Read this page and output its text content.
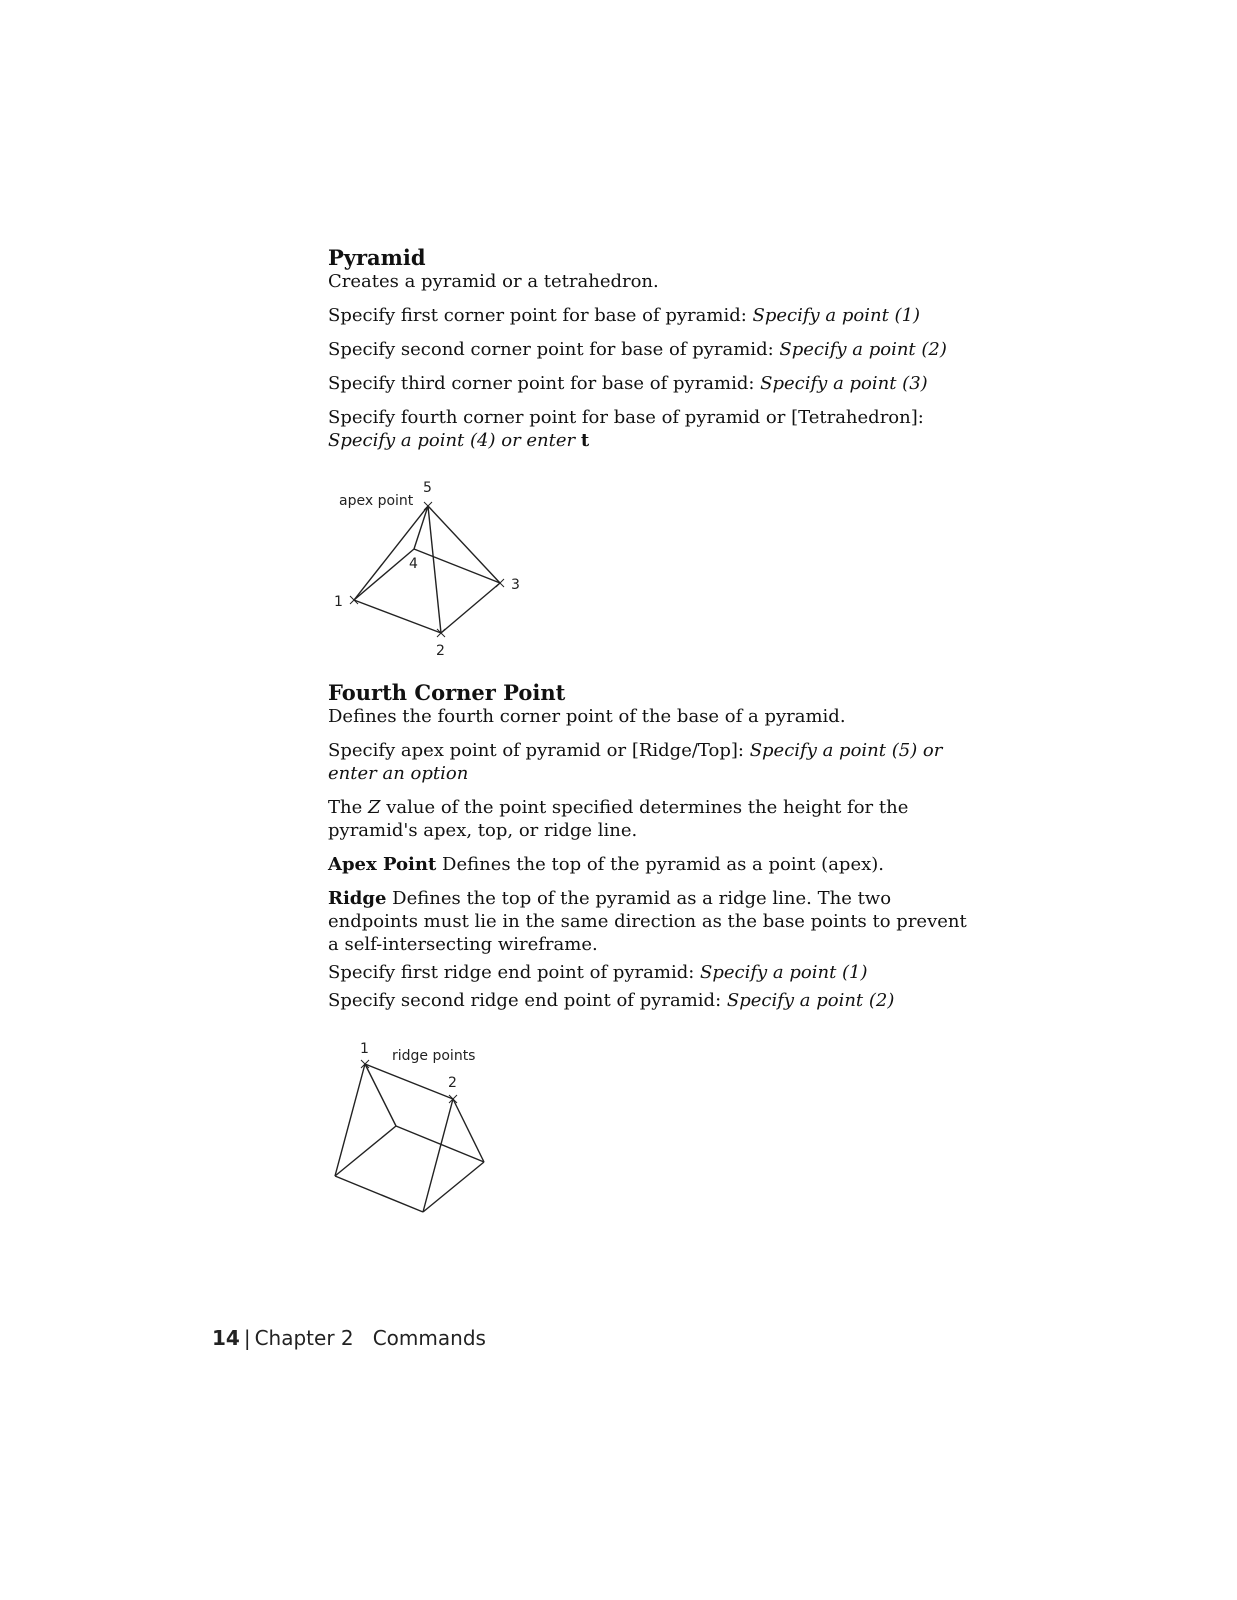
Pyramid

Creates a pyramid or a tetrahedron.

Specify first corner point for base of pyramid: Specify a point (1)

Specify second corner point for base of pyramid: Specify a point (2)

Specify third corner point for base of pyramid: Specify a point (3)

Specify fourth corner point for base of pyramid or [Tetrahedron]: Specify a point (4) or enter t

apex point
5
4
3
1
2
Fourth Corner Point

Defines the fourth corner point of the base of a pyramid.

Specify apex point of pyramid or [Ridge/Top]: Specify a point (5) or enter an option

The Z value of the point specified determines the height for the pyramid's apex, top, or ridge line.

Apex Point Defines the top of the pyramid as a point (apex).

Ridge Defines the top of the pyramid as a ridge line. The two endpoints must lie in the same direction as the base points to prevent a self-intersecting wireframe.

Specify first ridge end point of pyramid: Specify a point (1)

Specify second ridge end point of pyramid: Specify a point (2)

ridge points
1
2
14 | Chapter 2 Commands
